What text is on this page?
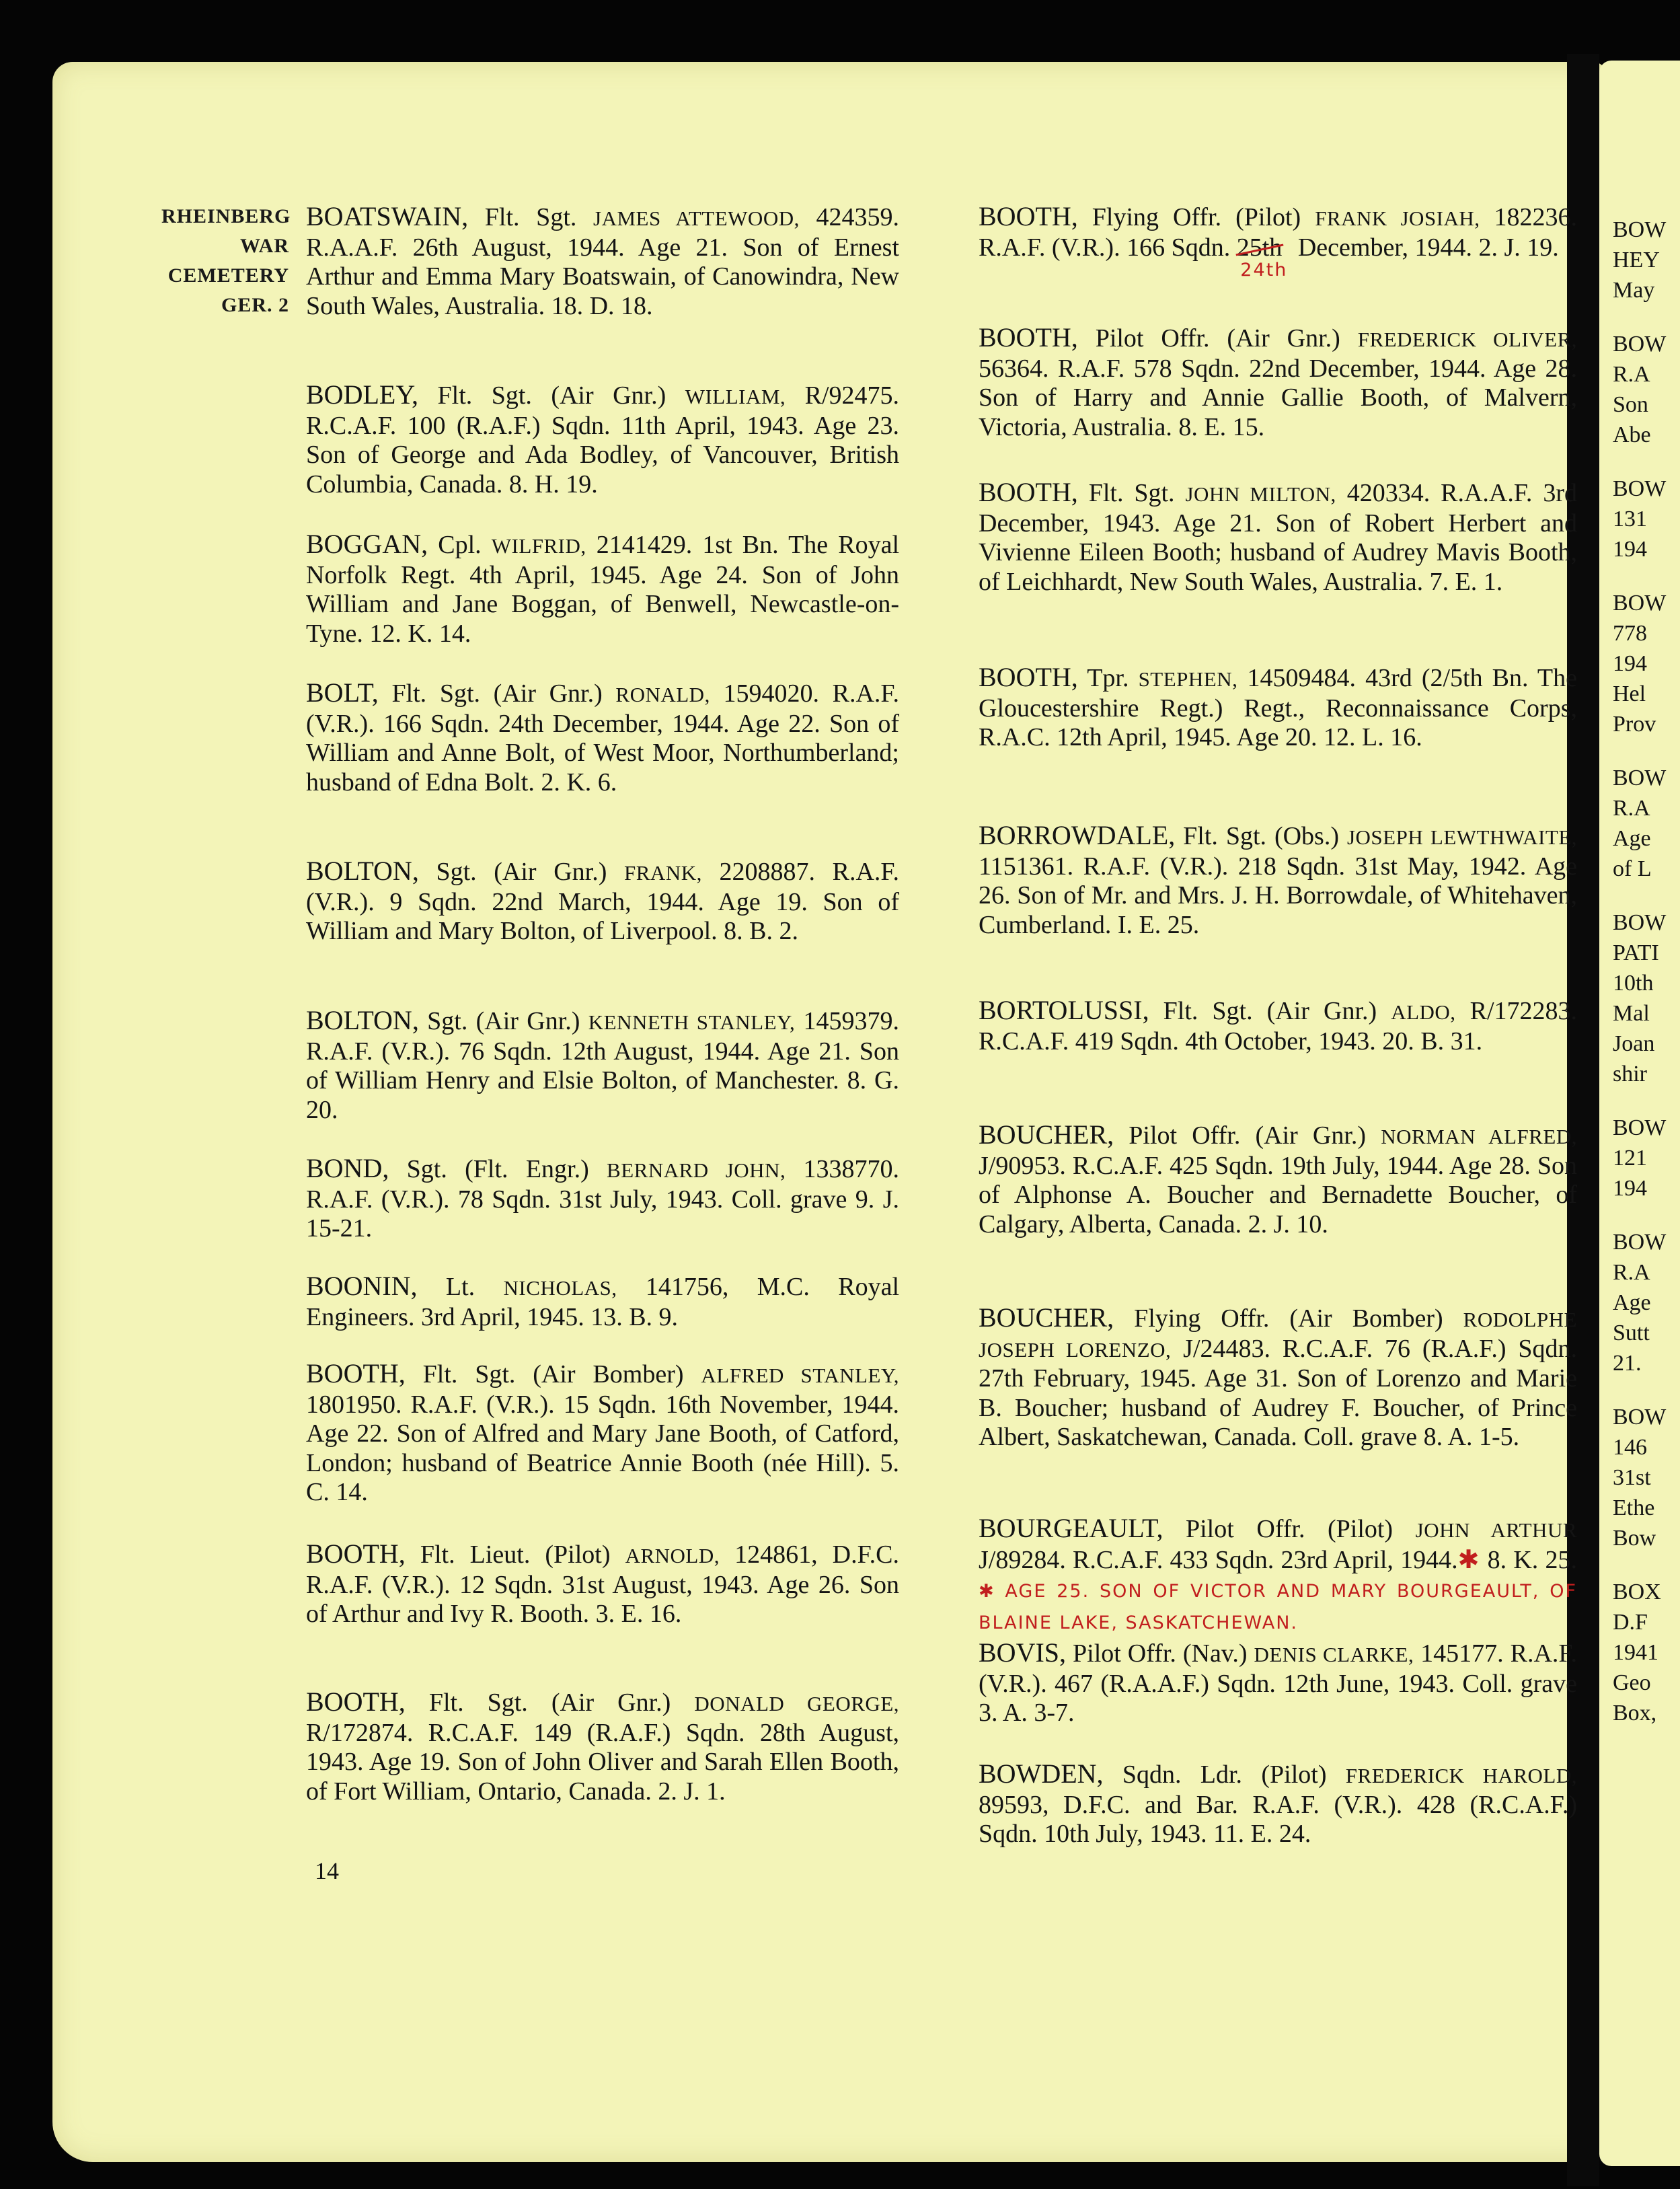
BOW
HEY
May
BOW
R.A
Son
Abe
BOW
131
194
BOW
778
194
Hel
Prov
BOW
R.A
Age
of L
BOW
PATI
10th
Mal
Joan
shir
BOW
121
194
BOW
R.A
Age
Sutt
21.
BOW
146
31st
Ethe
Bow
BOX
D.F
1941
Geo
Box,
RHEINBERG
WAR
CEMETERY
GER. 2

BOATSWAIN, Flt. Sgt. JAMES ATTEWOOD, 424359. R.A.A.F. 26th August, 1944. Age 21. Son of Ernest Arthur and Emma Mary Boatswain, of Canowindra, New South Wales, Australia. 18. D. 18.

BODLEY, Flt. Sgt. (Air Gnr.) WILLIAM, R/92475. R.C.A.F. 100 (R.A.F.) Sqdn. 11th April, 1943. Age 23. Son of George and Ada Bodley, of Vancouver, British Columbia, Canada. 8. H. 19.

BOGGAN, Cpl. WILFRID, 2141429. 1st Bn. The Royal Norfolk Regt. 4th April, 1945. Age 24. Son of John William and Jane Boggan, of Benwell, Newcastle-on-Tyne. 12. K. 14.

BOLT, Flt. Sgt. (Air Gnr.) RONALD, 1594020. R.A.F. (V.R.). 166 Sqdn. 24th December, 1944. Age 22. Son of William and Anne Bolt, of West Moor, Northumberland; husband of Edna Bolt. 2. K. 6.

BOLTON, Sgt. (Air Gnr.) FRANK, 2208887. R.A.F. (V.R.). 9 Sqdn. 22nd March, 1944. Age 19. Son of William and Mary Bolton, of Liverpool. 8. B. 2.

BOLTON, Sgt. (Air Gnr.) KENNETH STANLEY, 1459379. R.A.F. (V.R.). 76 Sqdn. 12th August, 1944. Age 21. Son of William Henry and Elsie Bolton, of Manchester. 8. G. 20.

BOND, Sgt. (Flt. Engr.) BERNARD JOHN, 1338770. R.A.F. (V.R.). 78 Sqdn. 31st July, 1943. Coll. grave 9. J. 15-21.

BOONIN, Lt. NICHOLAS, 141756, M.C. Royal Engineers. 3rd April, 1945. 13. B. 9.

BOOTH, Flt. Sgt. (Air Bomber) ALFRED STANLEY, 1801950. R.A.F. (V.R.). 15 Sqdn. 16th November, 1944. Age 22. Son of Alfred and Mary Jane Booth, of Catford, London; husband of Beatrice Annie Booth (née Hill). 5. C. 14.

BOOTH, Flt. Lieut. (Pilot) ARNOLD, 124861, D.F.C. R.A.F. (V.R.). 12 Sqdn. 31st August, 1943. Age 26. Son of Arthur and Ivy R. Booth. 3. E. 16.

BOOTH, Flt. Sgt. (Air Gnr.) DONALD GEORGE, R/172874. R.C.A.F. 149 (R.A.F.) Sqdn. 28th August, 1943. Age 19. Son of John Oliver and Sarah Ellen Booth, of Fort William, Ontario, Canada. 2. J. 1.

14

BOOTH, Flying Offr. (Pilot) FRANK JOSIAH, 182236. R.A.F. (V.R.). 166 Sqdn. $25th_{24th}$ December, 1944. 2. J. 19.

BOOTH, Pilot Offr. (Air Gnr.) FREDERICK OLIVER, 56364. R.A.F. 578 Sqdn. 22nd December, 1944. Age 28. Son of Harry and Annie Gallie Booth, of Malvern, Victoria, Australia. 8. E. 15.

BOOTH, Flt. Sgt. JOHN MILTON, 420334. R.A.A.F. 3rd December, 1943. Age 21. Son of Robert Herbert and Vivienne Eileen Booth; husband of Audrey Mavis Booth, of Leichhardt, New South Wales, Australia. 7. E. 1.

BOOTH, Tpr. STEPHEN, 14509484. 43rd (2/5th Bn. The Gloucestershire Regt.) Regt., Reconnaissance Corps, R.A.C. 12th April, 1945. Age 20. 12. L. 16.

BORROWDALE, Flt. Sgt. (Obs.) JOSEPH LEWTHWAITE, 1151361. R.A.F. (V.R.). 218 Sqdn. 31st May, 1942. Age 26. Son of Mr. and Mrs. J. H. Borrowdale, of Whitehaven, Cumberland. I. E. 25.

BORTOLUSSI, Flt. Sgt. (Air Gnr.) ALDO, R/172283. R.C.A.F. 419 Sqdn. 4th October, 1943. 20. B. 31.

BOUCHER, Pilot Offr. (Air Gnr.) NORMAN ALFRED, J/90953. R.C.A.F. 425 Sqdn. 19th July, 1944. Age 28. Son of Alphonse A. Boucher and Bernadette Boucher, of Calgary, Alberta, Canada. 2. J. 10.

BOUCHER, Flying Offr. (Air Bomber) RODOLPHE JOSEPH LORENZO, J/24483. R.C.A.F. 76 (R.A.F.) Sqdn. 27th February, 1945. Age 31. Son of Lorenzo and Marie B. Boucher; husband of Audrey F. Boucher, of Prince Albert, Saskatchewan, Canada. Coll. grave 8. A. 1-5.

BOURGEAULT, Pilot Offr. (Pilot) JOHN ARTHUR J/89284. R.C.A.F. 433 Sqdn. 23rd April, 1944.✱ 8. K. 25. ✱ AGE 25. SON OF VICTOR AND MARY BOURGEAULT, OF BLAINE LAKE, SASKATCHEWAN.

BOVIS, Pilot Offr. (Nav.) DENIS CLARKE, 145177. R.A.F. (V.R.). 467 (R.A.A.F.) Sqdn. 12th June, 1943. Coll. grave 3. A. 3-7.

BOWDEN, Sqdn. Ldr. (Pilot) FREDERICK HAROLD, 89593, D.F.C. and Bar. R.A.F. (V.R.). 428 (R.C.A.F.) Sqdn. 10th July, 1943. 11. E. 24.
